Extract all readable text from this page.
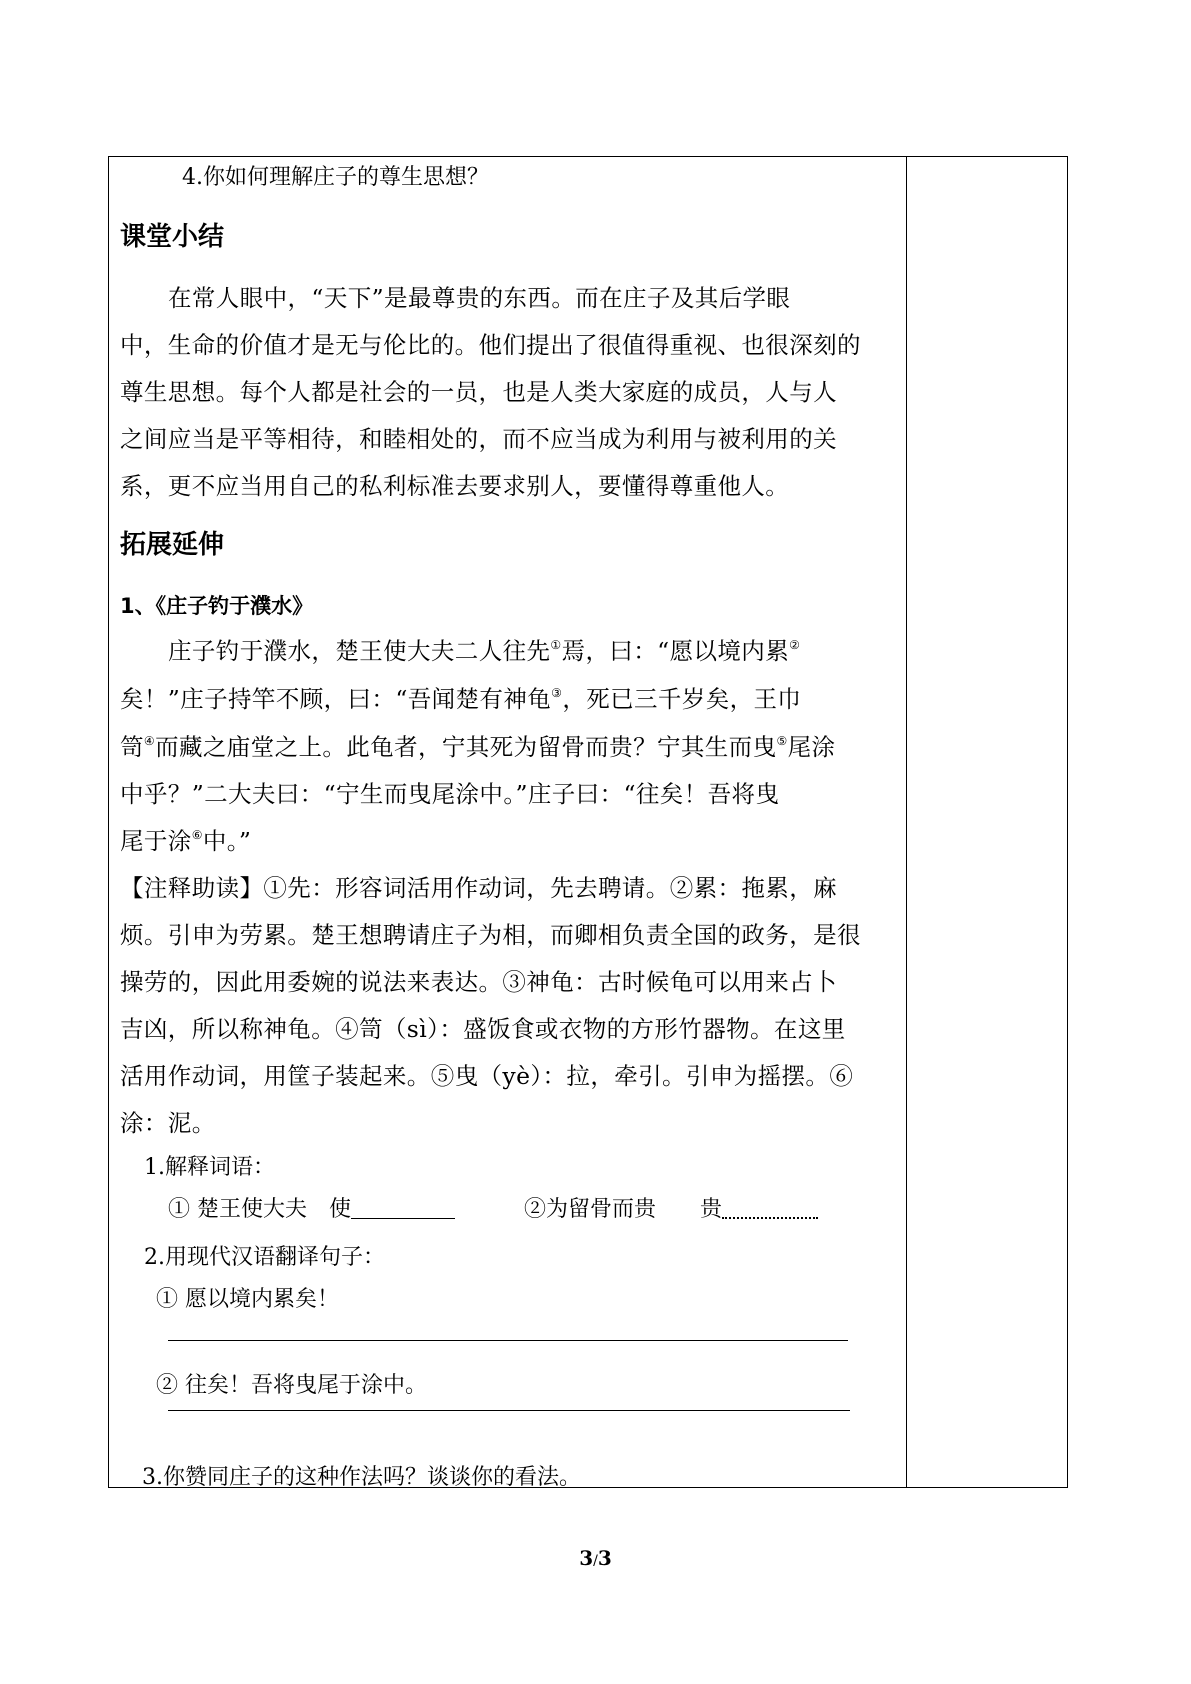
4.你如何理解庄子的尊生思想？
课堂小结
在常人眼中，“天下”是最尊贵的东西。而在庄子及其后学眼
中，生命的价值才是无与伦比的。他们提出了很值得重视、也很深刻的
尊生思想。每个人都是社会的一员，也是人类大家庭的成员，人与人
之间应当是平等相待，和睦相处的，而不应当成为利用与被利用的关
系，更不应当用自己的私利标准去要求别人，要懂得尊重他人。
拓展延伸
1、《庄子钓于濮水》
庄子钓于濮水，楚王使大夫二人往先①焉，曰：“愿以境内累②
矣！”庄子持竿不顾，曰：“吾闻楚有神龟③，死已三千岁矣，王巾
笥④而藏之庙堂之上。此龟者，宁其死为留骨而贵？宁其生而曳⑤尾涂
中乎？”二大夫曰：“宁生而曳尾涂中。”庄子曰：“往矣！吾将曳
尾于涂⑥中。”
【注释助读】①先：形容词活用作动词，先去聘请。②累：拖累，麻
烦。引申为劳累。楚王想聘请庄子为相，而卿相负责全国的政务，是很
操劳的，因此用委婉的说法来表达。③神龟：古时候龟可以用来占卜
吉凶，所以称神龟。④笥（sì）：盛饭食或衣物的方形竹器物。在这里
活用作动词，用筐子装起来。⑤曳（yè）：拉，牵引。引申为摇摆。⑥
涂：泥。
1.解释词语：
① 楚王使大夫　使	②为留骨而贵　　贵
2.用现代汉语翻译句子：
① 愿以境内累矣！
② 往矣！吾将曳尾于涂中。
3.你赞同庄子的这种作法吗？谈谈你的看法。
3/3
